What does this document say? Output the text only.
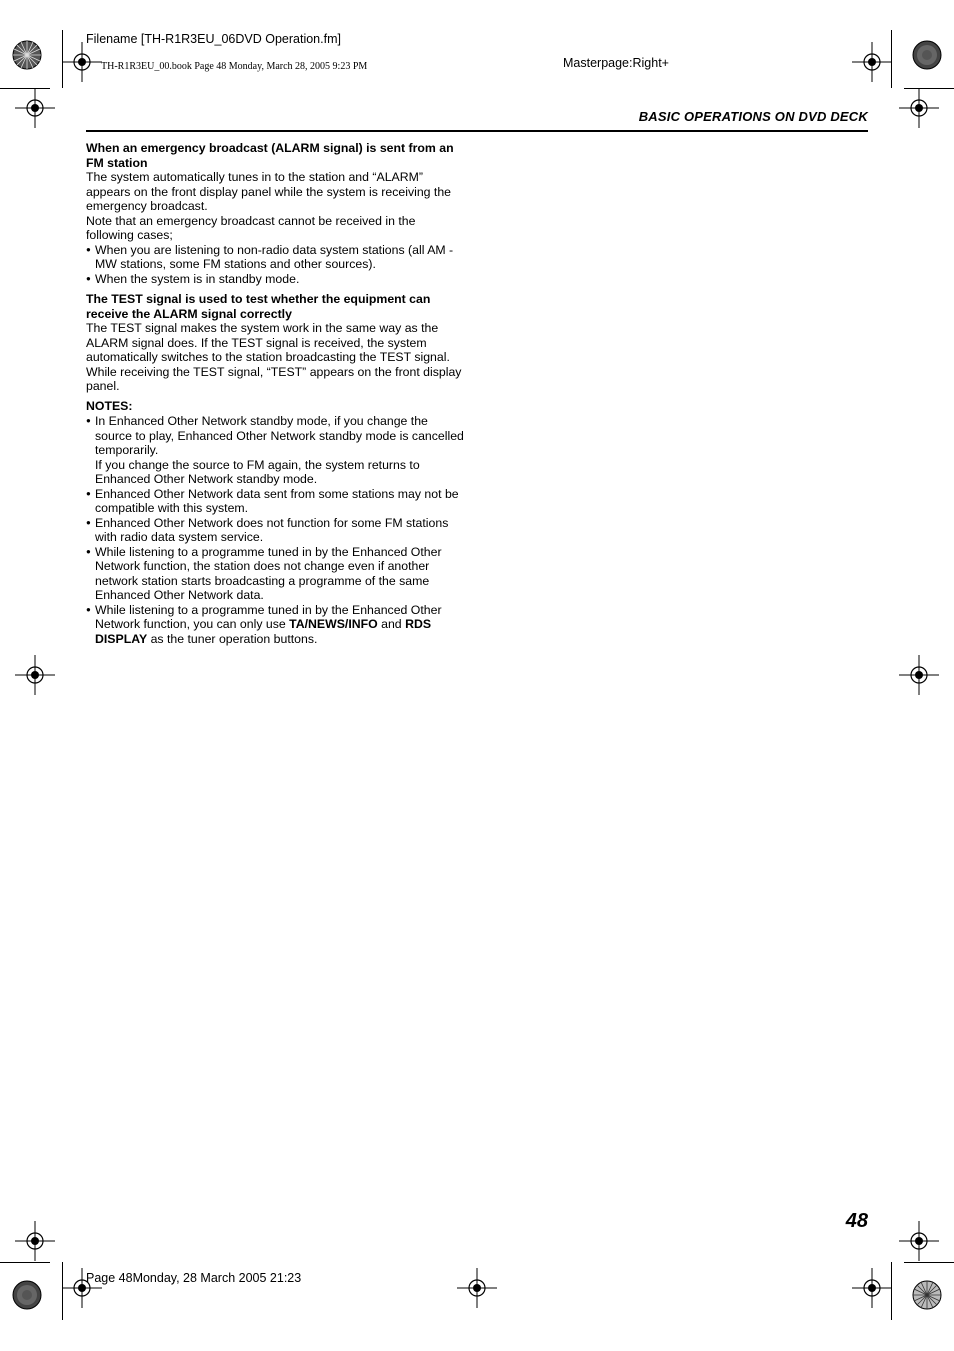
Filename [TH-R1R3EU_06DVD Operation.fm]
TH-R1R3EU_00.book Page 48 Monday, March 28, 2005 9:23 PM	Masterpage:Right+
BASIC OPERATIONS ON DVD DECK

When an emergency broadcast (ALARM signal) is sent from an FM station

The system automatically tunes in to the station and “ALARM” appears on the front display panel while the system is receiving the emergency broadcast.

Note that an emergency broadcast cannot be received in the following cases;

● When you are listening to non-radio data system stations (all AM - MW stations, some FM stations and other sources).
● When the system is in standby mode.

The TEST signal is used to test whether the equipment can receive the ALARM signal correctly

The TEST signal makes the system work in the same way as the ALARM signal does. If the TEST signal is received, the system automatically switches to the station broadcasting the TEST signal. While receiving the TEST signal, “TEST” appears on the front display panel.

NOTES:

● In Enhanced Other Network standby mode, if you change the source to play, Enhanced Other Network standby mode is cancelled temporarily.
If you change the source to FM again, the system returns to Enhanced Other Network standby mode.
● Enhanced Other Network data sent from some stations may not be compatible with this system.
● Enhanced Other Network does not function for some FM stations with radio data system service.
● While listening to a programme tuned in by the Enhanced Other Network function, the station does not change even if another network station starts broadcasting a programme of the same Enhanced Other Network data.
● While listening to a programme tuned in by the Enhanced Other Network function, you can only use TA/NEWS/INFO and RDS DISPLAY as the tuner operation buttons.
48
Page 48Monday, 28 March 2005 21:23
